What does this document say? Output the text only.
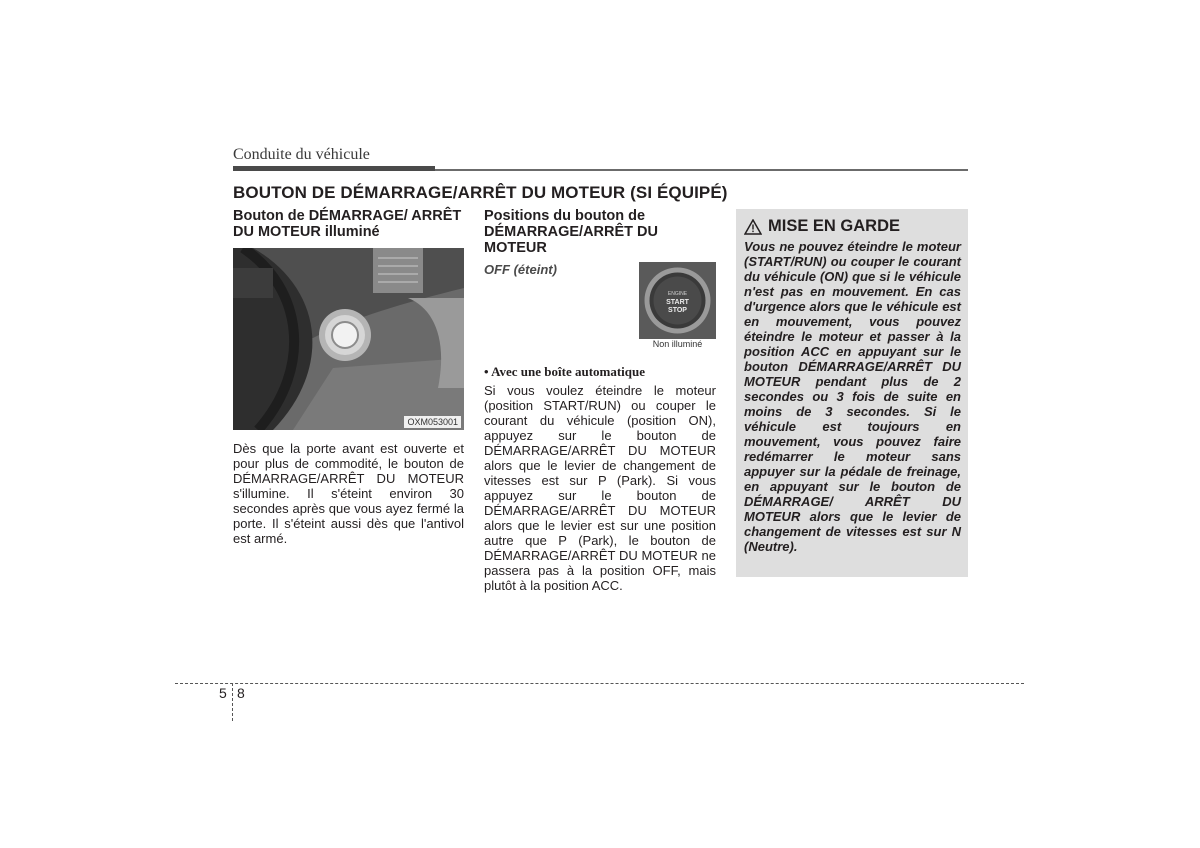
Conduite du véhicule
BOUTON DE DÉMARRAGE/ARRÊT DU MOTEUR (SI ÉQUIPÉ)
Bouton de DÉMARRAGE/ ARRÊT DU MOTEUR illuminé
OXM053001
Dès que la porte avant est ouverte et pour plus de commodité, le bouton de DÉMARRAGE/ARRÊT DU MOTEUR s'illumine. Il s'éteint environ 30 secondes après que vous ayez fermé la porte. Il s'éteint aussi dès que l'antivol est armé.
Positions du bouton de DÉMARRAGE/ARRÊT DU MOTEUR
OFF (éteint)
ENGINE
START
STOP
Non illuminé
• Avec une boîte automatique
Si vous voulez éteindre le moteur (position START/RUN) ou couper le courant du véhicule (position ON), appuyez sur le bouton de DÉMARRAGE/ARRÊT DU MOTEUR alors que le levier de changement de vitesses est sur P (Park). Si vous appuyez sur le bouton de DÉMARRAGE/ARRÊT DU MOTEUR alors que le levier est sur une position autre que P (Park), le bouton de DÉMARRAGE/ARRÊT DU MOTEUR ne passera pas à la position OFF, mais plutôt à la position ACC.
MISE EN GARDE
Vous ne pouvez éteindre le moteur (START/RUN) ou couper le courant du véhicule (ON) que si le véhicule n'est pas en mouvement. En cas d'urgence alors que le véhicule est en mouvement, vous pouvez éteindre le moteur et passer à la position ACC en appuyant sur le bouton DÉMARRAGE/ARRÊT DU MOTEUR pendant plus de 2 secondes ou 3 fois de suite en moins de 3 secondes. Si le véhicule est toujours en mouvement, vous pouvez faire redémarrer le moteur sans appuyer sur la pédale de freinage, en appuyant sur le bouton de DÉMARRAGE/ ARRÊT DU MOTEUR alors que le levier de changement de vitesses est sur N (Neutre).
5 8
